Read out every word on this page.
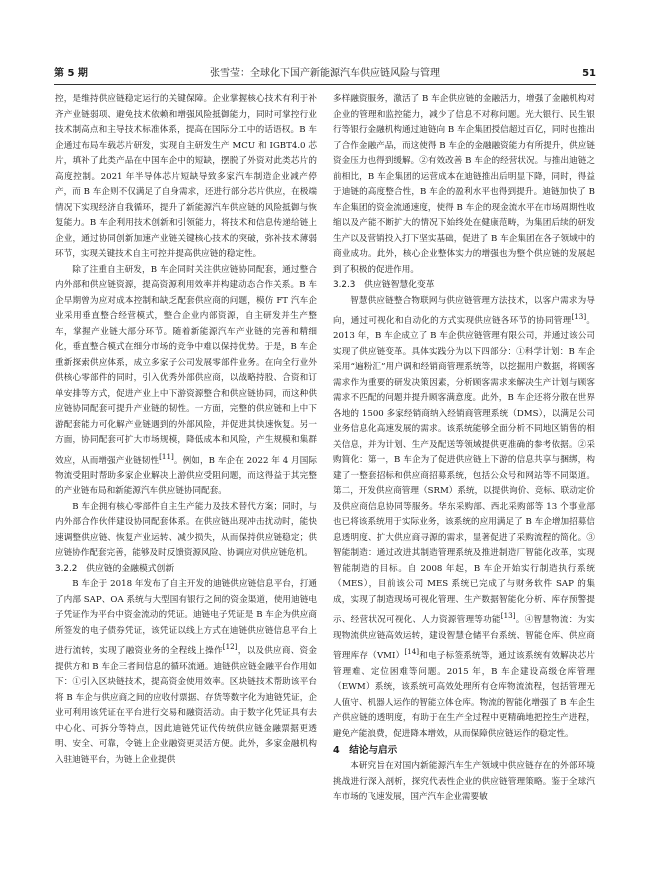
第 5 期	张雪莹：全球化下国产新能源汽车供应链风险与管理	51

控，是维持供应链稳定运行的关键保障。企业掌握核心技术有利于补齐产业链弱项、避免技术依赖和增强风险抵御能力，同时可掌控行业技术制高点和主导技术标准体系，提高在国际分工中的话语权。B 车企通过布局车载芯片研发，实现自主研发生产 MCU 和 IGBT4.0 芯片，填补了此类产品在中国车企中的短缺，摆脱了外资对此类芯片的高度控制。2021 年半导体芯片短缺导致多家汽车制造企业减产停产，而 B 车企则不仅满足了自身需求，还进行部分芯片供应，在极端情况下实现经济自我循环，提升了新能源汽车供应链的风险抵御与恢复能力。B 车企利用技术创新和引领能力，将技术和信息传递给链上企业，通过协同创新加速产业链关键核心技术的突破，弥补技术薄弱环节，实现关键技术自主可控并提高供应链的稳定性。

除了注重自主研发，B 车企同时关注供应链协同配套，通过整合内外部和供应链资源，提高资源利用效率并构建动态合作关系。B 车企早期曾为应对成本控制和缺乏配套供应商的问题，模仿 FT 汽车企业采用垂直整合经营模式，整合企业内部资源，自主研发并生产整车，掌握产业链大部分环节。随着新能源汽车产业链的完善和精细化，垂直整合模式在细分市场的竞争中难以保持优势。于是，B 车企重新探索供应体系，成立多家子公司发展零部件业务。在向全行业外供核心零部件的同时，引入优秀外部供应商，以战略持股、合资和订单安排等方式，促进产业上中下游资源整合和供应链协同，而这种供应链协同配套可提升产业链的韧性。一方面，完整的供应链和上中下游配套能力可化解产业链遇到的外部风险，并促进其快速恢复。另一方面，协同配套可扩大市场规模，降低成本和风险，产生规模和集群效应，从而增强产业链韧性[11]。例如，B 车企在 2022 年 4 月国际物流受阻时帮助多家企业解决上游供应受阻问题，而这得益于其完整的产业链布局和新能源汽车供应链协同配套。

B 车企拥有核心零部件自主生产能力及技术替代方案；同时，与内外部合作伙伴建设协同配套体系。在供应链出现冲击扰动时，能快速调整供应链、恢复产业运转、减少损失，从而保持供应链稳定；供应链协作配套完善，能够及时反馈资源风险、协调应对供应链危机。

3.2.2　供应链的金融模式创新

B 车企于 2018 年发布了自主开发的迪链供应链信息平台，打通了内部 SAP、OA 系统与大型国有银行之间的资金渠道，使用迪链电子凭证作为平台中资金流动的凭证。迪链电子凭证是 B 车企为供应商所签发的电子债券凭证，该凭证以线上方式在迪链供应链信息平台上进行流转，实现了融资业务的全程线上操作[12]，以及供应商、资金提供方和 B 车企三者间信息的循环流通。迪链供应链金融平台作用如下：①引入区块链技术，提高资金使用效率。区块链技术帮助该平台将 B 车企与供应商之间的应收付票据、存货等数字化为迪链凭证，企业可利用该凭证在平台进行交易和融资活动。由于数字化凭证具有去中心化、可拆分等特点，因此迪链凭证代传统供应链金融票据更透明、安全、可靠，令链上企业融资更灵活方便。此外，多家金融机构入驻迪链平台，为链上企业提供

多样融资服务，激活了 B 车企供应链的金融活力，增强了金融机构对企业的管理和监控能力，减少了信息不对称问题。光大银行、民生银行等银行金融机构通过迪链向 B 车企集团授信超过百亿，同时也推出了合作金融产品，而这使得 B 车企的金融融资能力有所提升，供应链资金压力也得到缓解。②有效改善 B 车企的经营状况。与推出迪链之前相比，B 车企集团的运营成本在迪链推出后明显下降，同时，得益于迪链的高度整合性，B 车企的盈利水平也得到提升。迪链加快了 B 车企集团的资金流通速度，使得 B 车企的现金流水平在市场周期性收缩以及产能不断扩大的情况下始终处在健康范畴，为集团后续的研发生产以及营销投入打下坚实基础，促进了 B 车企集团在各子领域中的商业成功。此外，核心企业整体实力的增强也为整个供应链的发展起到了积极的促进作用。

3.2.3　供应链智慧化变革

智慧供应链整合物联网与供应链管理方法技术，以客户需求为导向，通过可视化和自动化的方式实现供应链各环节的协同管理[13]。2013 年，B 车企成立了 B 车企供应链管理有限公司，并通过该公司实现了供应链变革。具体实践分为以下四部分：①科学计划：B 车企采用“遍粉汇”用户调和经销商管理系统等，以挖掘用户数据，将顾客需求作为重要的研发决策因素，分析顾客需求来解决生产计划与顾客需求不匹配的问题并提升顾客满意度。此外，B 车企还将分散在世界各地的 1500 多家经销商纳入经销商管理系统（DMS），以满足公司业务信息化高速发展的需求。该系统能够全面分析不同地区销售的相关信息，并为计划、生产及配送等领域提供更准确的参考依据。②采购简化：第一，B 车企为了促进供应链上下游的信息共享与捆绑，构建了一整套招标和供应商招募系统，包括公众号和网站等不同渠道。第二，开发供应商管理（SRM）系统，以提供询价、竞标、联动定价及供应商信息协同等服务。华东采购部、西北采购部等 13 个事业部也已将该系统用于实际业务，该系统的应用满足了 B 车企增加招募信息透明度、扩大供应商寻源的需求，显著促进了采购流程的简化。③智能制造：通过改进其制造管理系统及推进制造厂智能化改革，实现智能制造的目标。自 2008 年起，B 车企开始实行制造执行系统（MES），目前该公司 MES 系统已完成了与财务软件 SAP 的集成，实现了制造现场可视化管理、生产数据智能化分析、库存预警提示、经营状况可视化、人力资源管理等功能[13]。④智慧物流：为实现物流供应链高效运转，建设智慧仓储平台系统、智能仓库、供应商管理库存（VMI）[14]和电子标签系统等，通过该系统有效解决芯片管理难、定位困难等问题。2015 年，B 车企建设高级仓库管理（EWM）系统，该系统可高效处理所有仓库物流流程，包括管理无人值守、机器人运作的智能立体仓库。物流的智能化增强了 B 车企生产供应链的透明度，有助于在生产全过程中更精确地把控生产进程，避免产能浪费，促进降本增效，从而保障供应链运作的稳定性。

4　结论与启示

本研究旨在对国内新能源汽车生产领域中供应链存在的外部环境挑战进行深入剖析，探究代表性企业的供应链管理策略。鉴于全球汽车市场的飞速发展，国产汽车企业需要敏
